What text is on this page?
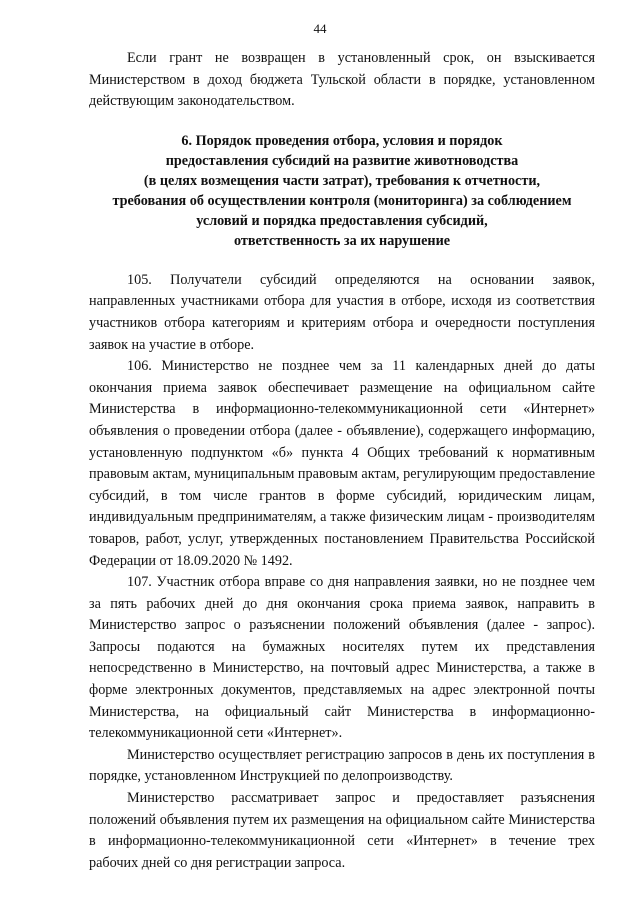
44

Если грант не возвращен в установленный срок, он взыскивается Министерством в доход бюджета Тульской области в порядке, установленном действующим законодательством.

6. Порядок проведения отбора, условия и порядок
предоставления субсидий на развитие животноводства
(в целях возмещения части затрат), требования к отчетности,
требования об осуществлении контроля (мониторинга) за соблюдением
условий и порядка предоставления субсидий,
ответственность за их нарушение

105. Получатели субсидий определяются на основании заявок, направленных участниками отбора для участия в отборе, исходя из соответствия участников отбора категориям и критериям отбора и очередности поступления заявок на участие в отборе.

106. Министерство не позднее чем за 11 календарных дней до даты окончания приема заявок обеспечивает размещение на официальном сайте Министерства в информационно-телекоммуникационной сети «Интернет» объявления о проведении отбора (далее - объявление), содержащего информацию, установленную подпунктом «б» пункта 4 Общих требований к нормативным правовым актам, муниципальным правовым актам, регулирующим предоставление субсидий, в том числе грантов в форме субсидий, юридическим лицам, индивидуальным предпринимателям, а также физическим лицам - производителям товаров, работ, услуг, утвержденных постановлением Правительства Российской Федерации от 18.09.2020 № 1492.

107. Участник отбора вправе со дня направления заявки, но не позднее чем за пять рабочих дней до дня окончания срока приема заявок, направить в Министерство запрос о разъяснении положений объявления (далее - запрос). Запросы подаются на бумажных носителях путем их представления непосредственно в Министерство, на почтовый адрес Министерства, а также в форме электронных документов, представляемых на адрес электронной почты Министерства, на официальный сайт Министерства в информационно-телекоммуникационной сети «Интернет».

Министерство осуществляет регистрацию запросов в день их поступления в порядке, установленном Инструкцией по делопроизводству.

Министерство рассматривает запрос и предоставляет разъяснения положений объявления путем их размещения на официальном сайте Министерства в информационно-телекоммуникационной сети «Интернет» в течение трех рабочих дней со дня регистрации запроса.
